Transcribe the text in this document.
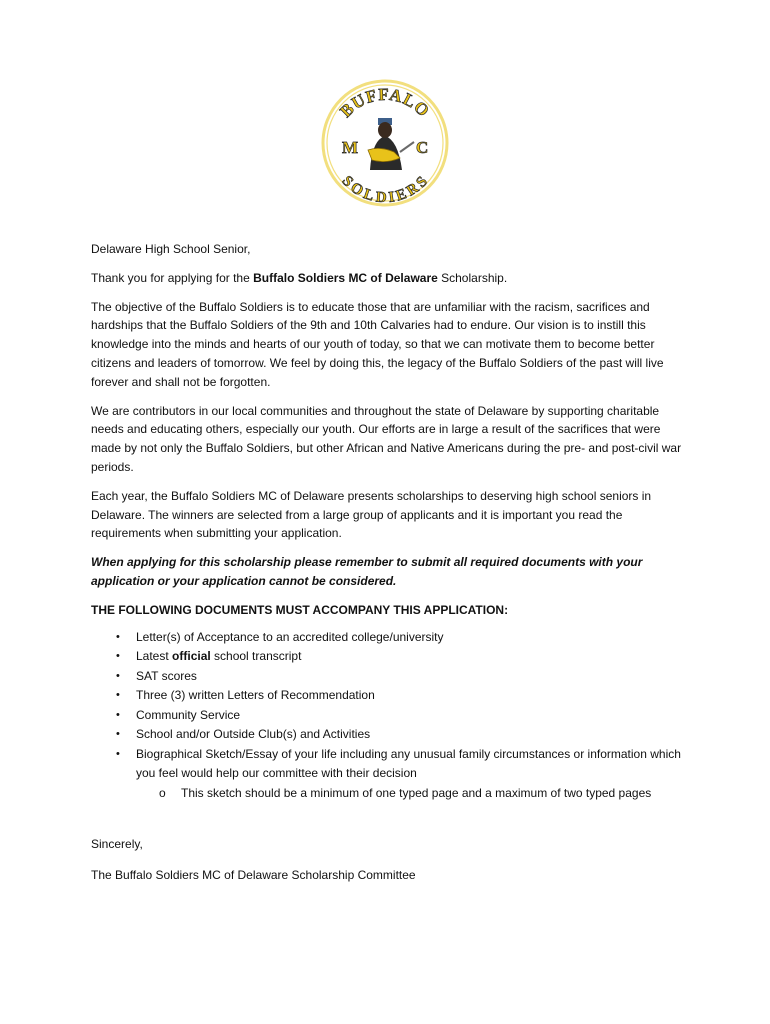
BUFFALO
M	C
SOLDIERS

Delaware High School Senior,

Thank you for applying for the Buffalo Soldiers MC of Delaware Scholarship.

The objective of the Buffalo Soldiers is to educate those that are unfamiliar with the racism, sacrifices and hardships that the Buffalo Soldiers of the 9th and 10th Calvaries had to endure. Our vision is to instill this knowledge into the minds and hearts of our youth of today, so that we can motivate them to become better citizens and leaders of tomorrow. We feel by doing this, the legacy of the Buffalo Soldiers of the past will live forever and shall not be forgotten.

We are contributors in our local communities and throughout the state of Delaware by supporting charitable needs and educating others, especially our youth. Our efforts are in large a result of the sacrifices that were made by not only the Buffalo Soldiers, but other African and Native Americans during the pre- and post-civil war periods.

Each year, the Buffalo Soldiers MC of Delaware presents scholarships to deserving high school seniors in Delaware. The winners are selected from a large group of applicants and it is important you read the requirements when submitting your application.

When applying for this scholarship please remember to submit all required documents with your application or your application cannot be considered.

THE FOLLOWING DOCUMENTS MUST ACCOMPANY THIS APPLICATION:

• Letter(s) of Acceptance to an accredited college/university
• Latest official school transcript
• SAT scores
• Three (3) written Letters of Recommendation
• Community Service
• School and/or Outside Club(s) and Activities
• Biographical Sketch/Essay of your life including any unusual family circumstances or information which you feel would help our committee with their decision
o This sketch should be a minimum of one typed page and a maximum of two typed pages

Sincerely,

The Buffalo Soldiers MC of Delaware Scholarship Committee
